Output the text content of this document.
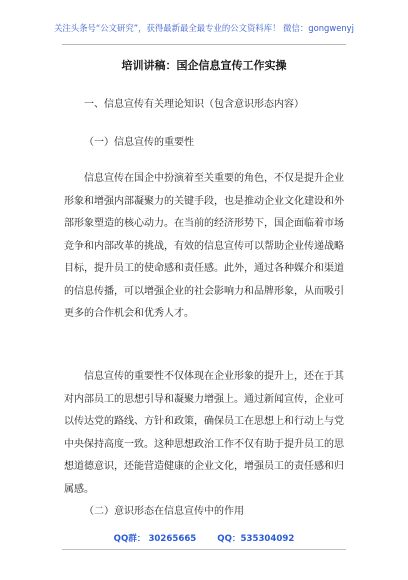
关注头条号“公文研究”，获得最新最全最专业的公文资料库！ 微信：gongwenyj
培训讲稿：国企信息宣传工作实操
一、信息宣传有关理论知识（包含意识形态内容）
（一）信息宣传的重要性
信息宣传在国企中扮演着至关重要的角色，不仅是提升企业形象和增强内部凝聚力的关键手段，也是推动企业文化建设和外部形象塑造的核心动力。在当前的经济形势下，国企面临着市场竞争和内部改革的挑战，有效的信息宣传可以帮助企业传递战略目标，提升员工的使命感和责任感。此外，通过各种媒介和渠道的信息传播，可以增强企业的社会影响力和品牌形象，从而吸引更多的合作机会和优秀人才。
信息宣传的重要性不仅体现在企业形象的提升上，还在于其对内部员工的思想引导和凝聚力增强上。通过新闻宣传，企业可以传达党的路线、方针和政策，确保员工在思想上和行动上与党中央保持高度一致。这种思想政治工作不仅有助于提升员工的思想道德意识，还能营造健康的企业文化，增强员工的责任感和归属感。
（二）意识形态在信息宣传中的作用
QQ群： 30265665 QQ：535304092
